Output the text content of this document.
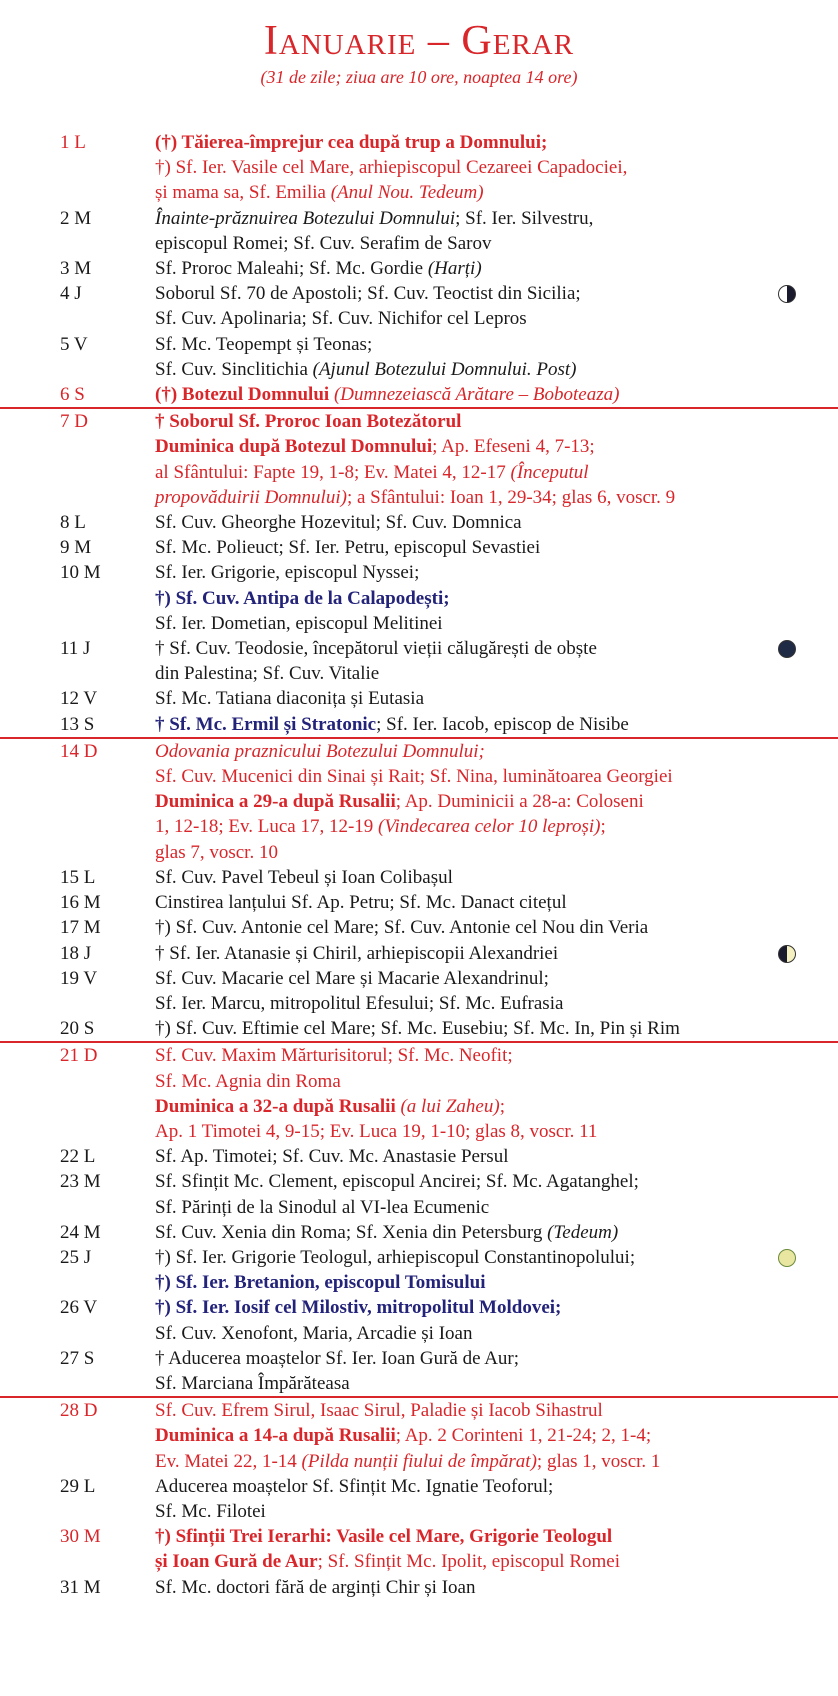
Ianuarie – Gerar
(31 de zile; ziua are 10 ore, noaptea 14 ore)
1 L	(†) Tăierea-împrejur cea după trup a Domnului;
†) Sf. Ier. Vasile cel Mare, arhiepiscopul Cezareei Capadociei,
și mama sa, Sf. Emilia (Anul Nou. Tedeum)
2 M	Înainte-prăznuirea Botezului Domnului; Sf. Ier. Silvestru,
episcopul Romei; Sf. Cuv. Serafim de Sarov
3 M	Sf. Proroc Maleahi; Sf. Mc. Gordie (Harți)
4 J	Soborul Sf. 70 de Apostoli; Sf. Cuv. Teoctist din Sicilia;
Sf. Cuv. Apolinaria; Sf. Cuv. Nichifor cel Lepros
5 V	Sf. Mc. Teopempt și Teonas;
Sf. Cuv. Sinclitichia (Ajunul Botezului Domnului. Post)
6 S	(†) Botezul Domnului (Dumnezeiască Arătare – Boboteaza)
7 D	† Soborul Sf. Proroc Ioan Botezătorul
Duminica după Botezul Domnului; Ap. Efeseni 4, 7-13;
al Sfântului: Fapte 19, 1-8; Ev. Matei 4, 12-17 (Începutul
propovăduirii Domnului); a Sfântului: Ioan 1, 29-34; glas 6, voscr. 9
8 L	Sf. Cuv. Gheorghe Hozevitul; Sf. Cuv. Domnica
9 M	Sf. Mc. Polieuct; Sf. Ier. Petru, episcopul Sevastiei
10 M	Sf. Ier. Grigorie, episcopul Nyssei;
†) Sf. Cuv. Antipa de la Calapodești;
Sf. Ier. Dometian, episcopul Melitinei
11 J	† Sf. Cuv. Teodosie, începătorul vieții călugărești de obște
din Palestina; Sf. Cuv. Vitalie
12 V	Sf. Mc. Tatiana diaconița și Eutasia
13 S	† Sf. Mc. Ermil și Stratonic; Sf. Ier. Iacob, episcop de Nisibe
14 D	Odovania praznicului Botezului Domnului;
Sf. Cuv. Mucenici din Sinai și Rait; Sf. Nina, luminătoarea Georgiei
Duminica a 29-a după Rusalii; Ap. Duminicii a 28-a: Coloseni
1, 12-18; Ev. Luca 17, 12-19 (Vindecarea celor 10 leproși);
glas 7, voscr. 10
15 L	Sf. Cuv. Pavel Tebeul și Ioan Colibașul
16 M	Cinstirea lanțului Sf. Ap. Petru; Sf. Mc. Danact citețul
17 M	†) Sf. Cuv. Antonie cel Mare; Sf. Cuv. Antonie cel Nou din Veria
18 J	† Sf. Ier. Atanasie și Chiril, arhiepiscopii Alexandriei
19 V	Sf. Cuv. Macarie cel Mare și Macarie Alexandrinul;
Sf. Ier. Marcu, mitropolitul Efesului; Sf. Mc. Eufrasia
20 S	†) Sf. Cuv. Eftimie cel Mare; Sf. Mc. Eusebiu; Sf. Mc. In, Pin și Rim
21 D	Sf. Cuv. Maxim Mărturisitorul; Sf. Mc. Neofit;
Sf. Mc. Agnia din Roma
Duminica a 32-a după Rusalii (a lui Zaheu);
Ap. 1 Timotei 4, 9-15; Ev. Luca 19, 1-10; glas 8, voscr. 11
22 L	Sf. Ap. Timotei; Sf. Cuv. Mc. Anastasie Persul
23 M	Sf. Sfințit Mc. Clement, episcopul Ancirei; Sf. Mc. Agatanghel;
Sf. Părinți de la Sinodul al VI-lea Ecumenic
24 M	Sf. Cuv. Xenia din Roma; Sf. Xenia din Petersburg (Tedeum)
25 J	†) Sf. Ier. Grigorie Teologul, arhiepiscopul Constantinopolului;
†) Sf. Ier. Bretanion, episcopul Tomisului
26 V	†) Sf. Ier. Iosif cel Milostiv, mitropolitul Moldovei;
Sf. Cuv. Xenofont, Maria, Arcadie și Ioan
27 S	† Aducerea moaștelor Sf. Ier. Ioan Gură de Aur;
Sf. Marciana Împărăteasa
28 D	Sf. Cuv. Efrem Sirul, Isaac Sirul, Paladie și Iacob Sihastrul
Duminica a 14-a după Rusalii; Ap. 2 Corinteni 1, 21-24; 2, 1-4;
Ev. Matei 22, 1-14 (Pilda nunții fiului de împărat); glas 1, voscr. 1
29 L	Aducerea moaștelor Sf. Sfințit Mc. Ignatie Teoforul;
Sf. Mc. Filotei
30 M	†) Sfinții Trei Ierarhi: Vasile cel Mare, Grigorie Teologul
și Ioan Gură de Aur; Sf. Sfințit Mc. Ipolit, episcopul Romei
31 M	Sf. Mc. doctori fără de arginți Chir și Ioan
